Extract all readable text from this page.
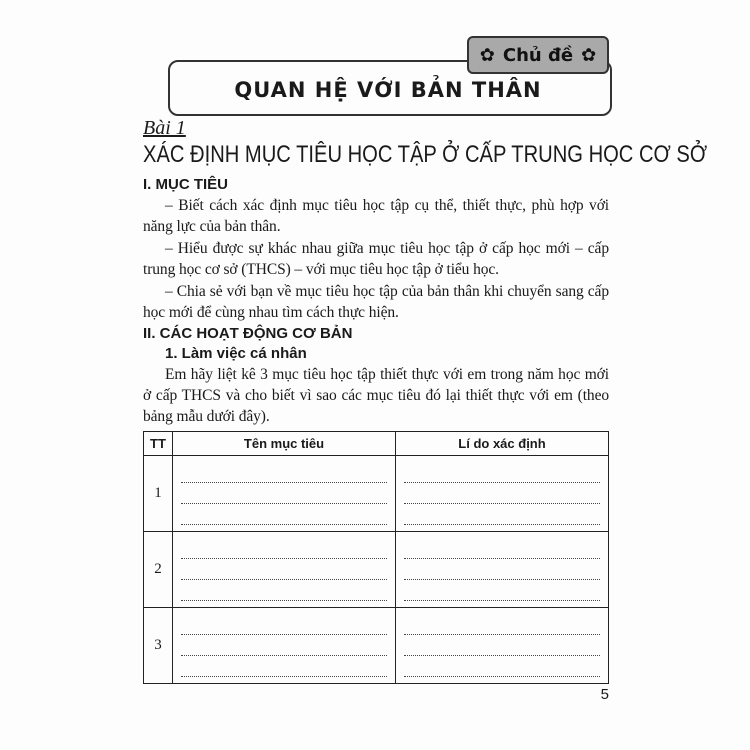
✿ Chủ đề ✿
QUAN HỆ VỚI BẢN THÂN
Bài 1
XÁC ĐỊNH MỤC TIÊU HỌC TẬP Ở CẤP TRUNG HỌC CƠ SỞ
I. MỤC TIÊU

– Biết cách xác định mục tiêu học tập cụ thể, thiết thực, phù hợp với năng lực của bản thân.

– Hiểu được sự khác nhau giữa mục tiêu học tập ở cấp học mới – cấp trung học cơ sở (THCS) – với mục tiêu học tập ở tiểu học.

– Chia sẻ với bạn về mục tiêu học tập của bản thân khi chuyển sang cấp học mới để cùng nhau tìm cách thực hiện.

II. CÁC HOẠT ĐỘNG CƠ BẢN
1. Làm việc cá nhân

Em hãy liệt kê 3 mục tiêu học tập thiết thực với em trong năm học mới ở cấp THCS và cho biết vì sao các mục tiêu đó lại thiết thực với em (theo bảng mẫu dưới đây).

TT	Tên mục tiêu	Lí do xác định
1	

2	

3	

5
